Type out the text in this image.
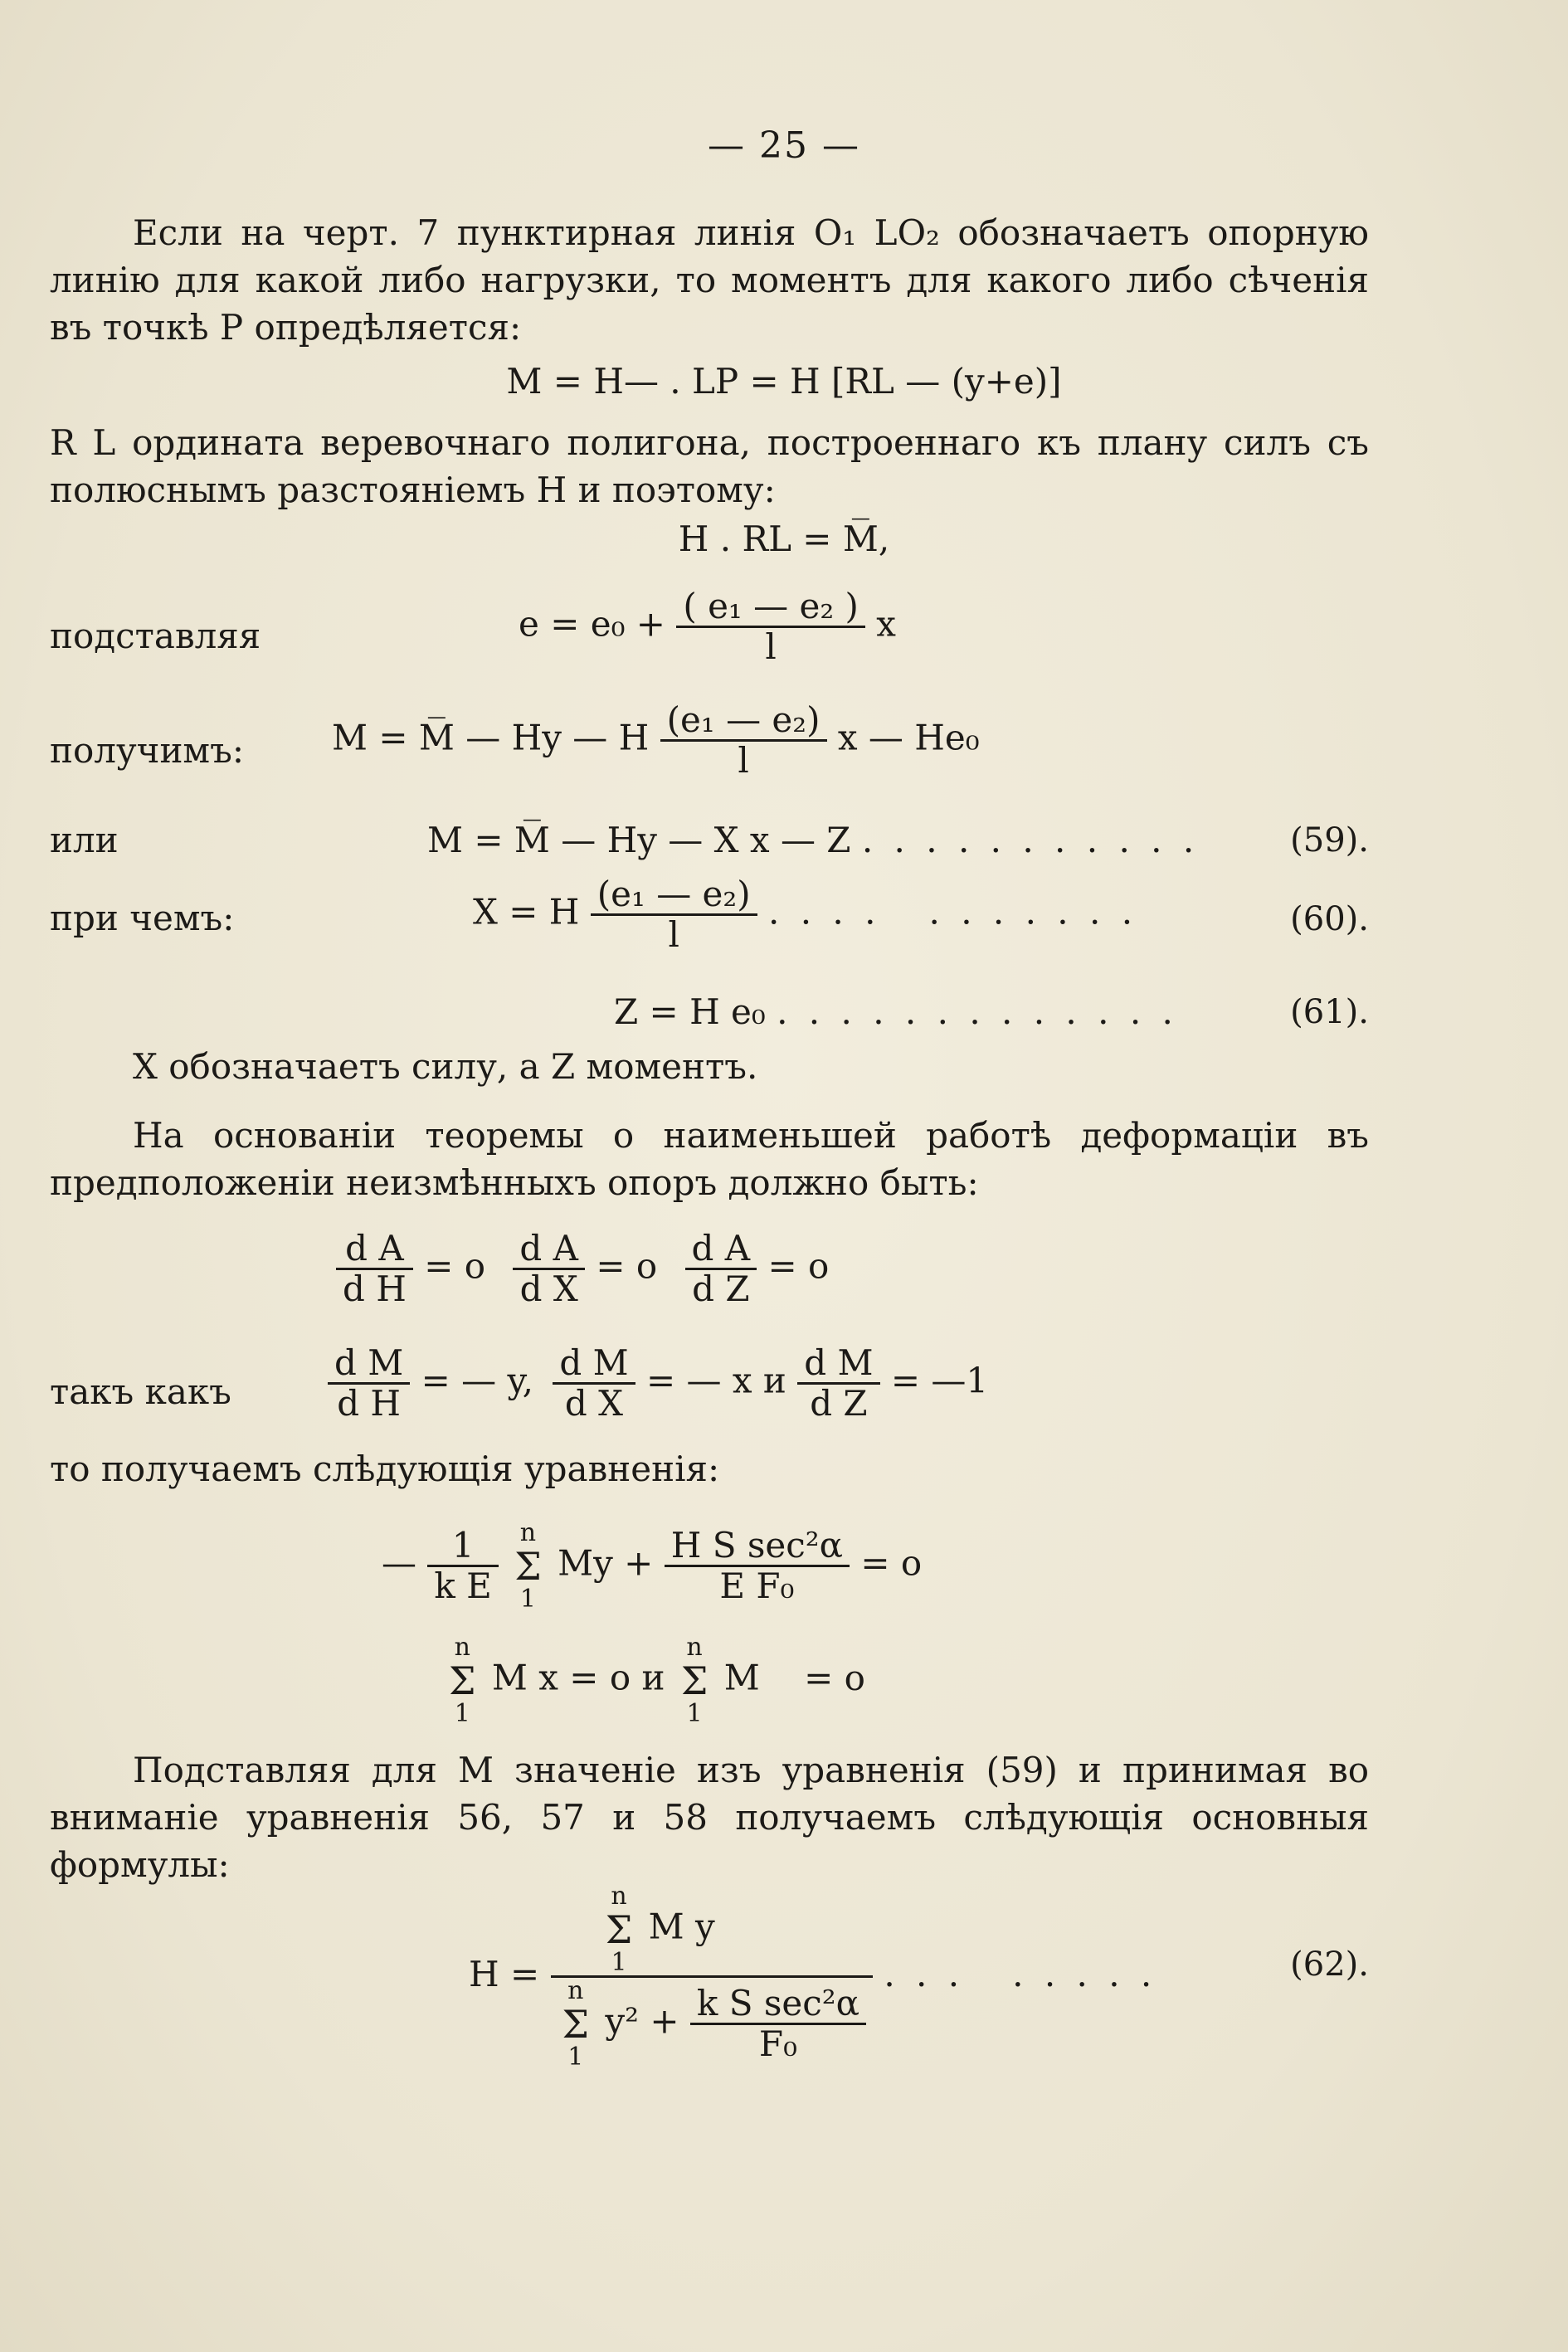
— 25 —
Если на черт. 7 пунктирная линія O₁ LO₂ обозначаетъ опорную линію для какой либо нагрузки, то моментъ для какого либо сѣченія въ точкѣ P опредѣляется:
M = H— . LP = H [RL — (y+e)]
R L ордината веревочнаго полигона, построеннаго къ плану силъ съ полюснымъ разстояніемъ H и поэтому:
H . RL = M̅,
подставляя	$e = e_0 + \frac{\text{( e₁ — e₂ )}}{l}$ x
получимъ:	M = M̅ — Hy — H $\frac{\text{(e₁ — e₂)}}{l}$ x — He₀
или	M = M̅ — Hy — X x — Z . . . . . . . . . . .	(59).
при чемъ:	X = H $\frac{\text{(e₁ — e₂)}}{l}$ . . . .   . . . . . . .	(60).
Z = H e₀ . . . . . . . . . . . . .	(61).
X обозначаетъ силу, а Z моментъ.
На основаніи теоремы о наименьшей работѣ деформаціи въ предположеніи неизмѣнныхъ опоръ должно быть:
$\frac{\text{d A}}{\text{d H}} = o \frac{\text{d A}}{\text{d X}} = o \frac{\text{d A}}{\text{d Z}} = o$
такъ какъ	$\frac{\text{d M}}{\text{d H}}$ = — y, $\frac{\text{d M}}{\text{d X}}$ = — x и $\frac{\text{d M}}{\text{d Z}}$ = —1
то получаемъ слѣдующія уравненія:
— $\frac{1}{\text{k E}}$ n
Σ
1 $My + \frac{\text{H S sec²α}}{\text{E F₀}} = o$
n
Σ
1 M x = o и n
Σ
1 M = o
Подставляя для M значеніе изъ уравненія (59) и принимая во вниманіе уравненія 56, 57 и 58 получаемъ слѣдующія основныя формулы:
H =
n
Σ
1 M y
n
Σ
1 $y^2 + \frac{\text{k S sec²α}}{\text{F₀}}$
. . .   . . . . .	(62).
